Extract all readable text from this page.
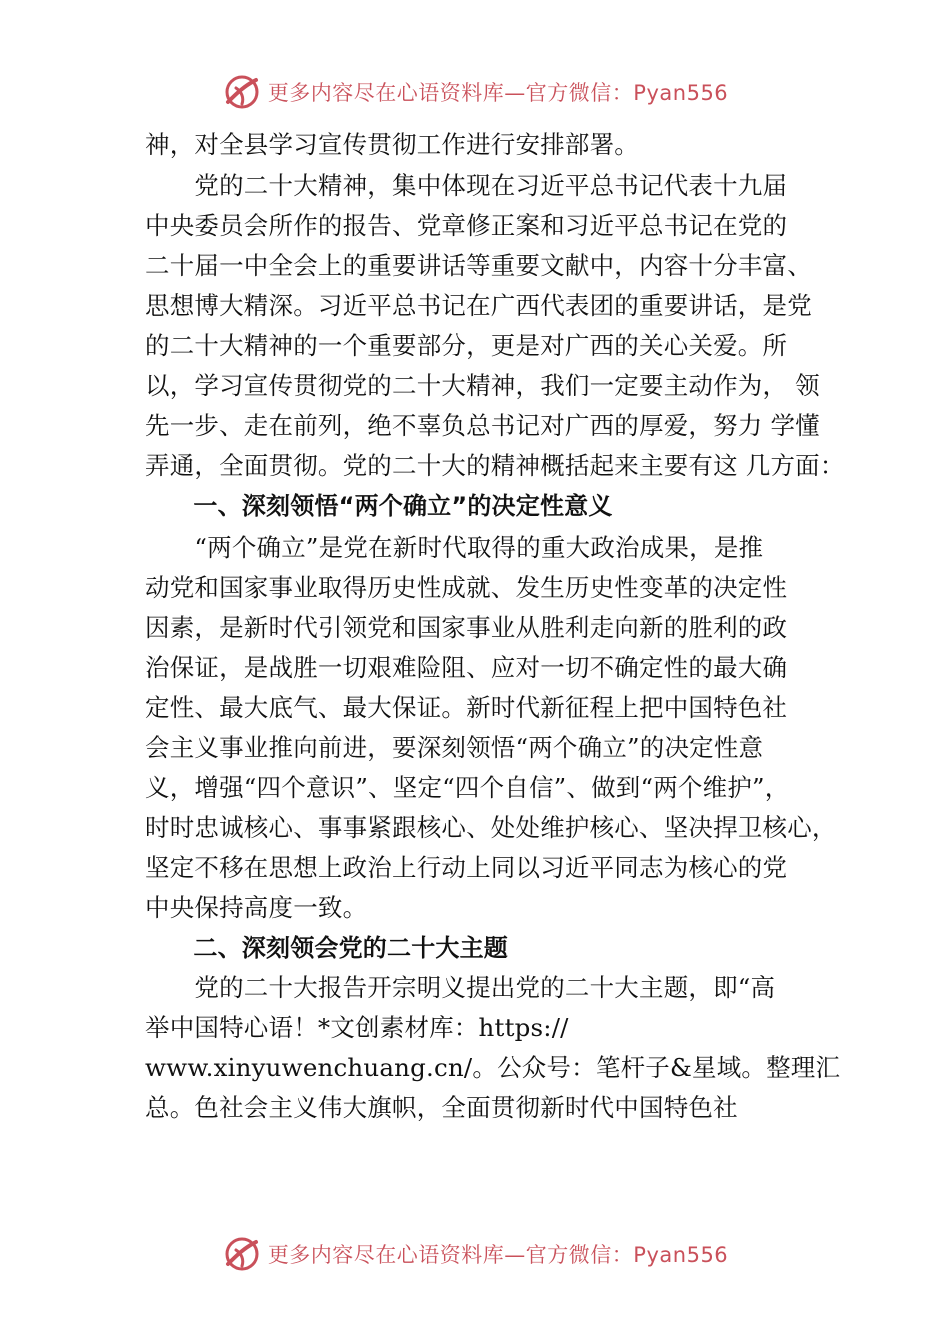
更多内容尽在心语资料库—官方微信：Pyan556
神，对全县学习宣传贯彻工作进行安排部署。
　　党的二十大精神，集中体现在习近平总书记代表十九届
中央委员会所作的报告、党章修正案和习近平总书记在党的
二十届一中全会上的重要讲话等重要文献中，内容十分丰富、
思想博大精深。习近平总书记在广西代表团的重要讲话，是党
的二十大精神的一个重要部分，更是对广西的关心关爱。所
以，学习宣传贯彻党的二十大精神，我们一定要主动作为， 领
先一步、走在前列，绝不辜负总书记对广西的厚爱，努力 学懂
弄通，全面贯彻。党的二十大的精神概括起来主要有这 几方面：
　　一、深刻领悟“两个确立”的决定性意义
　　“两个确立”是党在新时代取得的重大政治成果，是推
动党和国家事业取得历史性成就、发生历史性变革的决定性
因素，是新时代引领党和国家事业从胜利走向新的胜利的政
治保证，是战胜一切艰难险阻、应对一切不确定性的最大确
定性、最大底气、最大保证。新时代新征程上把中国特色社
会主义事业推向前进，要深刻领悟“两个确立”的决定性意
义，增强“四个意识”、坚定“四个自信”、做到“两个维护”，
时时忠诚核心、事事紧跟核心、处处维护核心、坚决捍卫核心，
坚定不移在思想上政治上行动上同以习近平同志为核心的党
中央保持高度一致。
　　二、深刻领会党的二十大主题
　　党的二十大报告开宗明义提出党的二十大主题，即“高
举中国特心语！*文创素材库：https://
www.xinyuwenchuang.cn/。公众号：笔杆子&星域。整理汇
总。色社会主义伟大旗帜，全面贯彻新时代中国特色社
更多内容尽在心语资料库—官方微信：Pyan556
